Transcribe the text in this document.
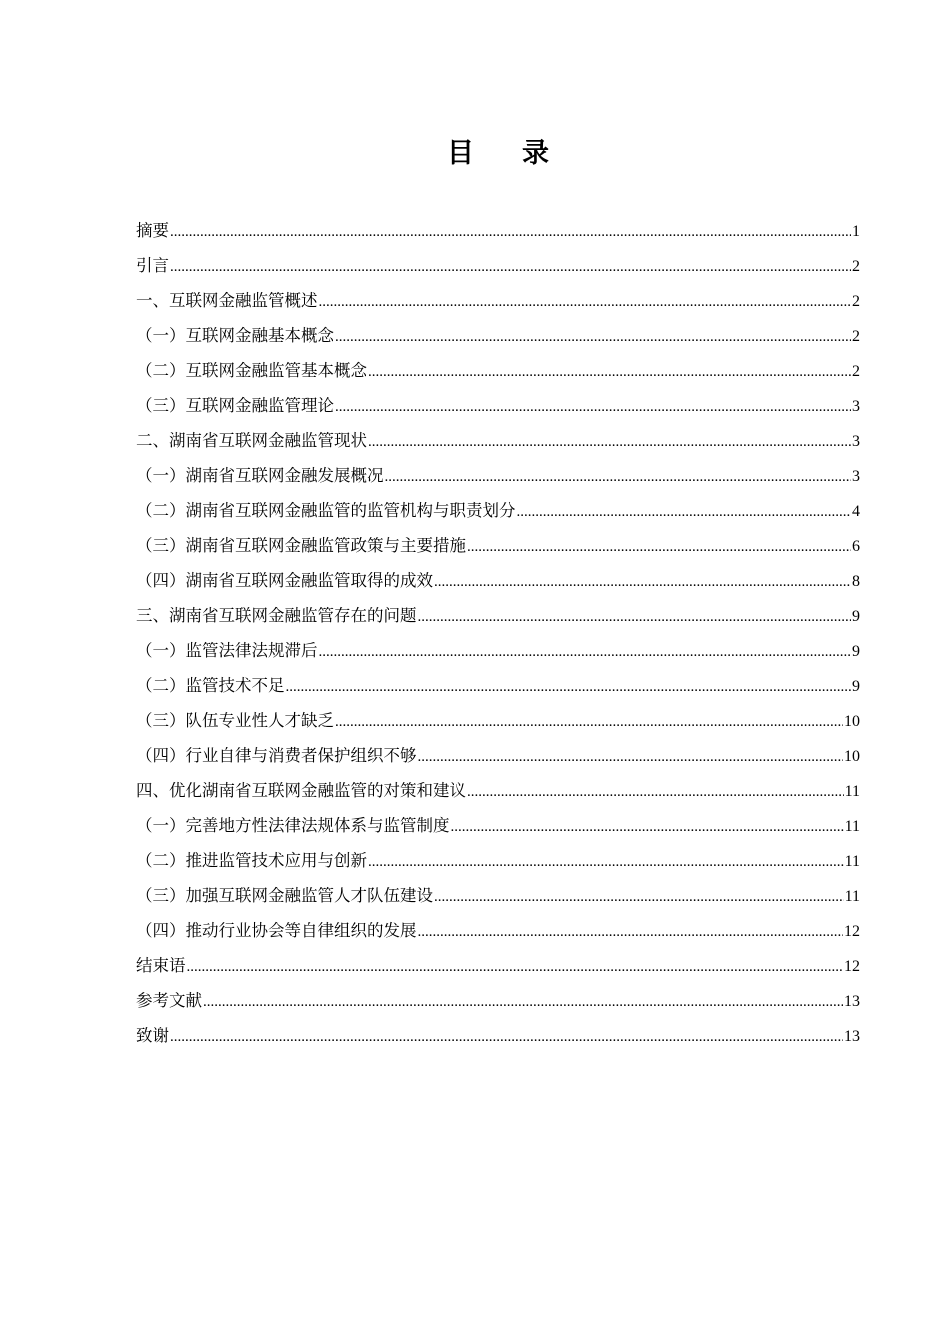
目 录
摘要 .....	1
引言 .....	2
一、互联网金融监管概述 .....	2
（一）互联网金融基本概念 .....	2
（二）互联网金融监管基本概念 .....	2
（三）互联网金融监管理论 .....	3
二、湖南省互联网金融监管现状 .....	3
（一）湖南省互联网金融发展概况 .....	3
（二）湖南省互联网金融监管的监管机构与职责划分 .....	4
（三）湖南省互联网金融监管政策与主要措施 .....	6
（四）湖南省互联网金融监管取得的成效 .....	8
三、湖南省互联网金融监管存在的问题 .....	9
（一）监管法律法规滞后 .....	9
（二）监管技术不足 .....	9
（三）队伍专业性人才缺乏 .....	10
（四）行业自律与消费者保护组织不够 .....	10
四、优化湖南省互联网金融监管的对策和建议 .....	11
（一）完善地方性法律法规体系与监管制度 .....	11
（二）推进监管技术应用与创新 .....	11
（三）加强互联网金融监管人才队伍建设 .....	11
（四）推动行业协会等自律组织的发展 .....	12
结束语 .....	12
参考文献 .....	13
致谢 .....	13
